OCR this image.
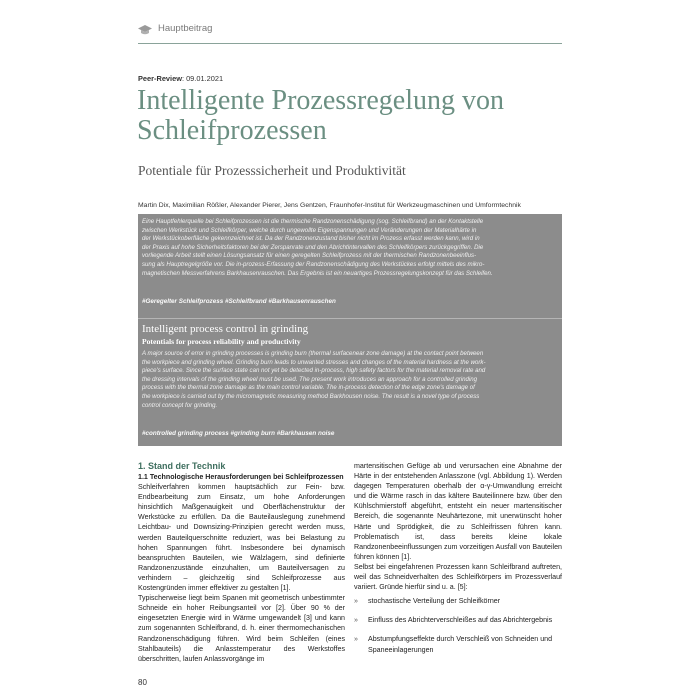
Hauptbeitrag
Peer-Review: 09.01.2021
Intelligente Prozessregelung von
Schleifprozessen
Potentiale für Prozesssicherheit und Produktivität
Martin Dix, Maximilian Rößler, Alexander Pierer, Jens Gentzen, Fraunhofer-Institut für Werkzeugmaschinen und Umformtechnik
Eine Hauptfehlerquelle bei Schleifprozessen ist die thermische Randzonenschädigung (sog. Schleifbrand) an der Kontaktstelle
zwischen Werkstück und Schleifkörper, welche durch ungewollte Eigenspannungen und Veränderungen der Materialhärte in
der Werkstückoberfläche gekennzeichnet ist. Da der Randzonenzustand bisher nicht im Prozess erfasst werden kann, wird in
der Praxis auf hohe Sicherheitsfaktoren bei der Zerspanrate und den Abrichtintervallen des Schleifkörpers zurückgegriffen. Die
vorliegende Arbeit stellt einen Lösungsansatz für einen geregelten Schleifprozess mit der thermischen Randzonenbeeinflus-
sung als Hauptregelgröße vor. Die in-prozess-Erfassung der Randzonenschädigung des Werkstückes erfolgt mittels des mikro-
magnetischen Messverfahrens Barkhausenrauschen. Das Ergebnis ist ein neuartiges Prozessregelungskonzept für das Schleifen.
#Geregelter Schleifprozess #Schleifbrand #Barkhausenrauschen
Intelligent process control in grinding
Potentials for process reliability and productivity
A major source of error in grinding processes is grinding burn (thermal surfacenear zone damage) at the contact point between
the workpiece and grinding wheel. Grinding burn leads to unwanted stresses and changes of the material hardness at the work-
piece's surface. Since the surface state can not yet be detected in-process, high safety factors for the material removal rate and
the dressing intervals of the grinding wheel must be used. The present work introduces an approach for a controlled grinding
process with the thermal zone damage as the main control variable. The in-process detection of the edge zone's damage of
the workpiece is carried out by the micromagnetic measuring method Barkhousen noise. The result is a novel type of process
control concept for grinding.
#controlled grinding process #grinding burn #Barkhausen noise
1. Stand der Technik
1.1 Technologische Herausforderungen bei Schleifprozessen

Schleifverfahren kommen hauptsächlich zur Fein- bzw. Endbearbeitung zum Einsatz, um hohe Anforderungen hinsichtlich Maßgenauigkeit und Oberflächenstruktur der Werkstücke zu erfüllen. Da die Bauteilauslegung zunehmend Leichtbau- und Downsizing-Prinzipien gerecht werden muss, werden Bauteilquerschnitte reduziert, was bei Belastung zu hohen Spannungen führt. Insbesondere bei dynamisch beanspruchten Bauteilen, wie Wälzlagern, sind definierte Randzonenzustände einzuhalten, um Bauteilversagen zu verhindern – gleichzeitig sind Schleifprozesse aus Kostengründen immer effektiver zu gestalten [1].

Typischerweise liegt beim Spanen mit geometrisch unbestimmter Schneide ein hoher Reibungsanteil vor [2]. Über 90 % der eingesetzten Energie wird in Wärme umgewandelt [3] und kann zum sogenannten Schleifbrand, d. h. einer thermomechanischen Randzonenschädigung führen. Wird beim Schleifen (eines Stahlbauteils) die Anlasstemperatur des Werkstoffes überschritten, laufen Anlassvorgänge im

martensitischen Gefüge ab und verursachen eine Abnahme der Härte in der entstehenden Anlasszone (vgl. Abbildung 1). Werden dagegen Temperaturen oberhalb der α-γ-Umwandlung erreicht und die Wärme rasch in das kältere Bauteilinnere bzw. über den Kühlschmierstoff abgeführt, entsteht ein neuer martensitischer Bereich, die sogenannte Neuhärtezone, mit unerwünscht hoher Härte und Sprödigkeit, die zu Schleifrissen führen kann. Problematisch ist, dass bereits kleine lokale Randzonenbeeinflussungen zum vorzeitigen Ausfall von Bauteilen führen können [1].

Selbst bei eingefahrenen Prozessen kann Schleifbrand auftreten, weil das Schneidverhalten des Schleifkörpers im Prozessverlauf variiert. Gründe hierfür sind u. a. [5]:

» stochastische Verteilung der Schleifkörner
» Einfluss des Abrichterverschleißes auf das Abrichtergebnis
» Abstumpfungseffekte durch Verschleiß von Schneiden und Spaneeinlagerungen
80
